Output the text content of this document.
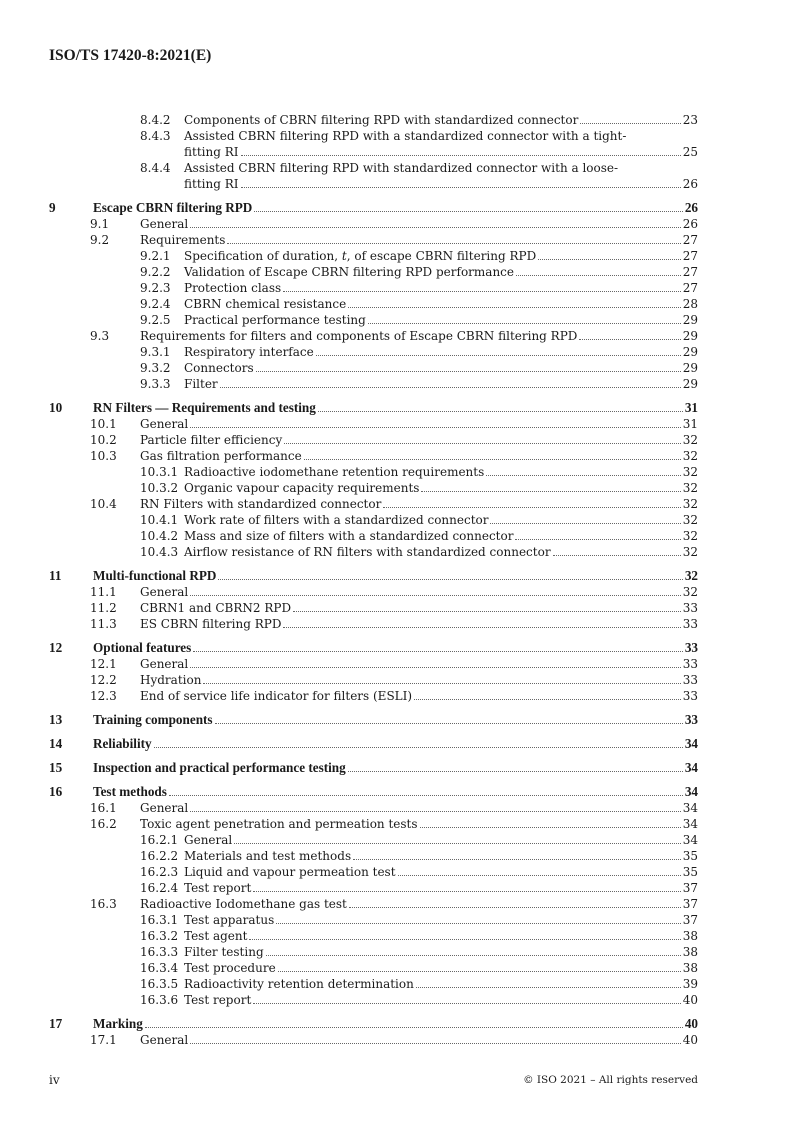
ISO/TS 17420-8:2021(E)
8.4.2 Components of CBRN filtering RPD with standardized connector	23
8.4.3 Assisted CBRN filtering RPD with a standardized connector with a tight-
fitting RI	25
8.4.4 Assisted CBRN filtering RPD with standardized connector with a loose-
fitting RI	26
9	Escape CBRN filtering RPD	26
9.1	General	26
9.2	Requirements	27
9.2.1 Specification of duration, t, of escape CBRN filtering RPD	27
9.2.2 Validation of Escape CBRN filtering RPD performance	27
9.2.3 Protection class	27
9.2.4 CBRN chemical resistance	28
9.2.5 Practical performance testing	29
9.3	Requirements for filters and components of Escape CBRN filtering RPD	29
9.3.1 Respiratory interface	29
9.3.2 Connectors	29
9.3.3 Filter	29
10 RN Filters — Requirements and testing	31
10.1 General	31
10.2 Particle filter efficiency	32
10.3 Gas filtration performance	32
10.3.1 Radioactive iodomethane retention requirements	32
10.3.2 Organic vapour capacity requirements	32
10.4 RN Filters with standardized connector	32
10.4.1 Work rate of filters with a standardized connector	32
10.4.2 Mass and size of filters with a standardized connector	32
10.4.3 Airflow resistance of RN filters with standardized connector	32
11 Multi-functional RPD	32
11.1 General	32
11.2 CBRN1 and CBRN2 RPD	33
11.3 ES CBRN filtering RPD	33
12 Optional features	33
12.1 General	33
12.2 Hydration	33
12.3 End of service life indicator for filters (ESLI)	33
13 Training components	33
14 Reliability	34
15 Inspection and practical performance testing	34
16 Test methods	34
16.1 General	34
16.2 Toxic agent penetration and permeation tests	34
16.2.1 General	34
16.2.2 Materials and test methods	35
16.2.3 Liquid and vapour permeation test	35
16.2.4 Test report	37
16.3 Radioactive Iodomethane gas test	37
16.3.1 Test apparatus	37
16.3.2 Test agent	38
16.3.3 Filter testing	38
16.3.4 Test procedure	38
16.3.5 Radioactivity retention determination	39
16.3.6 Test report	40
17 Marking	40
17.1 General	40
iv	© ISO 2021 – All rights reserved
